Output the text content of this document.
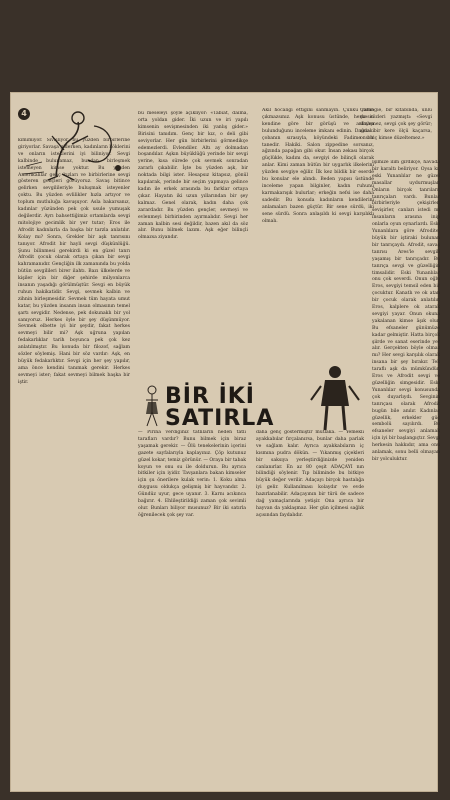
4

kımımıyor. Sivişliyor bu yüzden birbirlerine giriyorlar. Savaşa giderken, kadınların köklerini ve onların isteklerini iyi biliniyor. Sevgi kalbinde bulunamaz, bundan birleşmek istemeyen kimse yoktur. Bu yüzden Amerikalılar genç kızları ve birbirlerine sevgi gösteren gençleri görüyoruz. Savaş bitince gelirken sevgilileriyle buluşmak isteyenler çoktu. Bu yüzden evlilikler hızla artıyor ve toplum mutluluğa kavuşuyor. Asla bakarsanız, kadınlar yüzünden pek çok usule yumuşak değilerdir. Ayrı bahsettiğimiz ortamlarda sevgi mitolojiye gecimlik bir yer tutar; Eros ile Afrodit kadınlarla da başka bir tarzla anlatılır. Kolay mı? Sonra, Grekler bir aşk tanrısını tanıyor. Afrodit bir hayli sevgi düşkünlüğü. Şunu bilinmesi gerekirdi ki en güzel tanrı Afrodit çocuk olarak ortaya çıkan bir sevgi kahramanıdır. Gençliğin ilk zamanında bu yolda bütün sevgilileri birer ilahtı. Bazı ülkelerde ve kişiler için bir diğer şehirde milyonlarca insanın yaşadığı görülmüştür. Sevgi en büyük ruhun hakikatidir. Sevgi, sevmek kalbin ve zihnin birleşmesidir. Sevmek tüm hayata umut katar, bu yüzden insanın insan olmasının temel şartı sevgidir. Nedense, pek dokunaklı bir yol sanıyoruz. Herkes öyle bir şey düşünmüyor. Sevmek elbette iyi bir şeydir, fakat herkes sevmeyi bilir mi? Aşk uğruna yapılan fedakarlıklar tarih boyunca pek çok kez anlatılmıştır. Bu konuda bir filozof, sağlam sözler söylemiş. Hani bir söz vardır: Aşk, en büyük fedakarlıktır. Sevgi için her şey yapılır, ama önce kendini tanımak gerekir. Herkes sevmeyi ister; fakat sevmeyi bilmek başka bir iştir.

bu meseleyi şöyle açıklıyor: «Tabiat, daima, orta yoldan gider. İki uzun ve iri yapılı kimsenin sevişmesinden iki yanlış gider.» Birisini tanıdım. Genç bir kız, o deli gibi seviyorlar. Her gün birbirlerini görmedikçe edemezlerdi. Evlendiler. Altı ay dolmadan boşandılar. Aşkın büyüklüğü yerinde bir sevgi yerine, kısa sürede çok sevmek sonradan zararlı çıkabilir. İşte bu yüzden aşk, bir noktada bilgi ister. Hesapsız kitapsız, gönül kapılarak, yerinde bir seçim yapmaya gelince kadın ile erkek arasında bu farklar ortaya çıkar. Hayatın iki uzun yıllarından bir şey kalmaz. Genel olarak, kadın daha çok zarardadır. Bu yüzden gençler, sevmeyi ve evlenmeyi birbirinden ayırmalıdır. Sevgi her zaman kalbin sesi değildir, bazen akıl da söz alır. Bunu bilmek lazım. Aşk eğer bilinçli olmazsa ziyandır.

Akıl hocalığı ettiğini sanmayın. Çünkü yakın çıkmazsınız. Aşk konusu üstünde, herkesin kendine göre bir görüşü ve anlayışı bulunduğunu inceleme imkanı edinin. Dağdaki çobanın sırasıyla, köyündeki Fadime bir tanedir. Hakiki. Salon zippedine sorsanız, ağzında papağan gibi okur. İnsan zekası birçok güçlükle, kadını da, sevgiyi de bilinçli olarak anlar. Kimi zaman bütün bir uygarlık ilkelerini yüzden sevgiye eğilir. İlk kez bildik bir eserde bu konular ele alındı. Beden yapısı üstünde inceleme yapan bilginler, kadın ruhunu karmakarışık bulurlar; erkeğin nefsi ise daha sadedir. Bu konuda kadınların kendilerini anlamaları bazen güçtür. Bir sene sürdü, iki sene sürdü. Sonra anlaşıldı ki sevgi karşılıklı olmalı.

Carnegie, bir kitabında, ünlü şu sözleri yazmıştı: «Sevgi dinlemez, sevgi çok şey görür; ama bir kere ölçü kaçarsa, onu hiç kimse düzeltemez.»

BİR İKİ
SATIRLA

— Pirina verdiğiniz tatlıların neden tatlı tarafları vardır? Bunu bilmek için biraz yaşamak gerekir. — Ölü tenekelerinin içerini gazete sayfalarıyla kaplayınız. Çöp kutunuz güzel kokar, temiz görünür. — Oraya bir tabak koyun ve onu su ile doldurun. Bu ayrıca bitkiler için iyidir. Tavşanlara bakan kimseler için şu önerilere kulak verin: 1. Koku alma duygusu oldukça gelişmiş bir hayvandır. 2. Gündüz uyur, gece uyanır. 3. Karnı acıkınca bağırır. 4. Ehlileştirildiği zaman çok sevimli olur. Bunları biliyor musunuz? Bir iki satırla öğrenilecek çok şey var.

daha genç göstermiştir mutlaka. — Yemekli ayakkabılar fırçalanırsa, bunlar daha parlak ve sağlam kalır. Ayrıca ayakkabıların iç kısmına pudra dökün. — Yıkanmış çiçekleri bir saksıya yerleştirdiğinizde yeniden canlanırlar. En az 80 çeşit ADAÇAYI nın bilindiği söylenir. Tıp biliminde bu bitkiye büyük değer verilir. Adaçayı birçok hastalığa iyi gelir. Kullanılması kolaydır ve evde hazırlanabilir. Adaçayının bir türü de sadece dağ yamaçlarında yetişir. Ona ayrıca bir hayvan da yaklaşmaz. Her gün içilmesi sağlık açısından faydalıdır.

İşimize ilim girdikçe, havada bir karaltı beliriyor. Oysa kı, eski Yunanlılar ne güzel masallar uydurmuşlar. Onların birçok tanrıları, tanrıçaları vardı. Bunlar birbirleriyle çekişirler, sevişirler, canları istedi mi insanların arasına inip onlarla oyun oynarlardı. Eski Yunanlılara göre Afrodite, büyük bir iştiraki bulunan bir tanrıçaydı. Afrodit, savaş tanrısı Ares'le sevgili yaşamış bir tanrıçadır. Bu tanrıça sevgi ve güzelliğin timsalidir. Eski Yunanlılar onu çok severdi. Onun oğlu Eros, sevgiyi temsil eden bir çocuktur. Kanatlı ve ok atan bir çocuk olarak anlatılır. Eros, kalplere ok atarak sevgiyi yayar. Onun okuna yakalanan kimse âşık olur. Bu efsaneler günümüze kadar gelmiştir. Hatta birçok şiirde ve sanat eserinde yer alır. Gerçekten böyle olmaz mı? Her sevgi karşılık olarak insana bir şey bırakır. Tek taraflı aşk da mümkündür. Eros ve Afrodit sevgi ve güzelliğin simgesidir. Eski Yunanlılar sevgi konusunda çok duyarlıydı. Sevginin tanrıçası olarak Afrodit bugün bile anılır. Kadınlar güzellik, erkekler güç sembolü sayılırdı. Bu efsaneler sevgiyi anlamak için iyi bir başlangıçtır. Sevgi herkesin hakkıdır, ama onu anlamak, sonu belli olmayan bir yolculuktur.
